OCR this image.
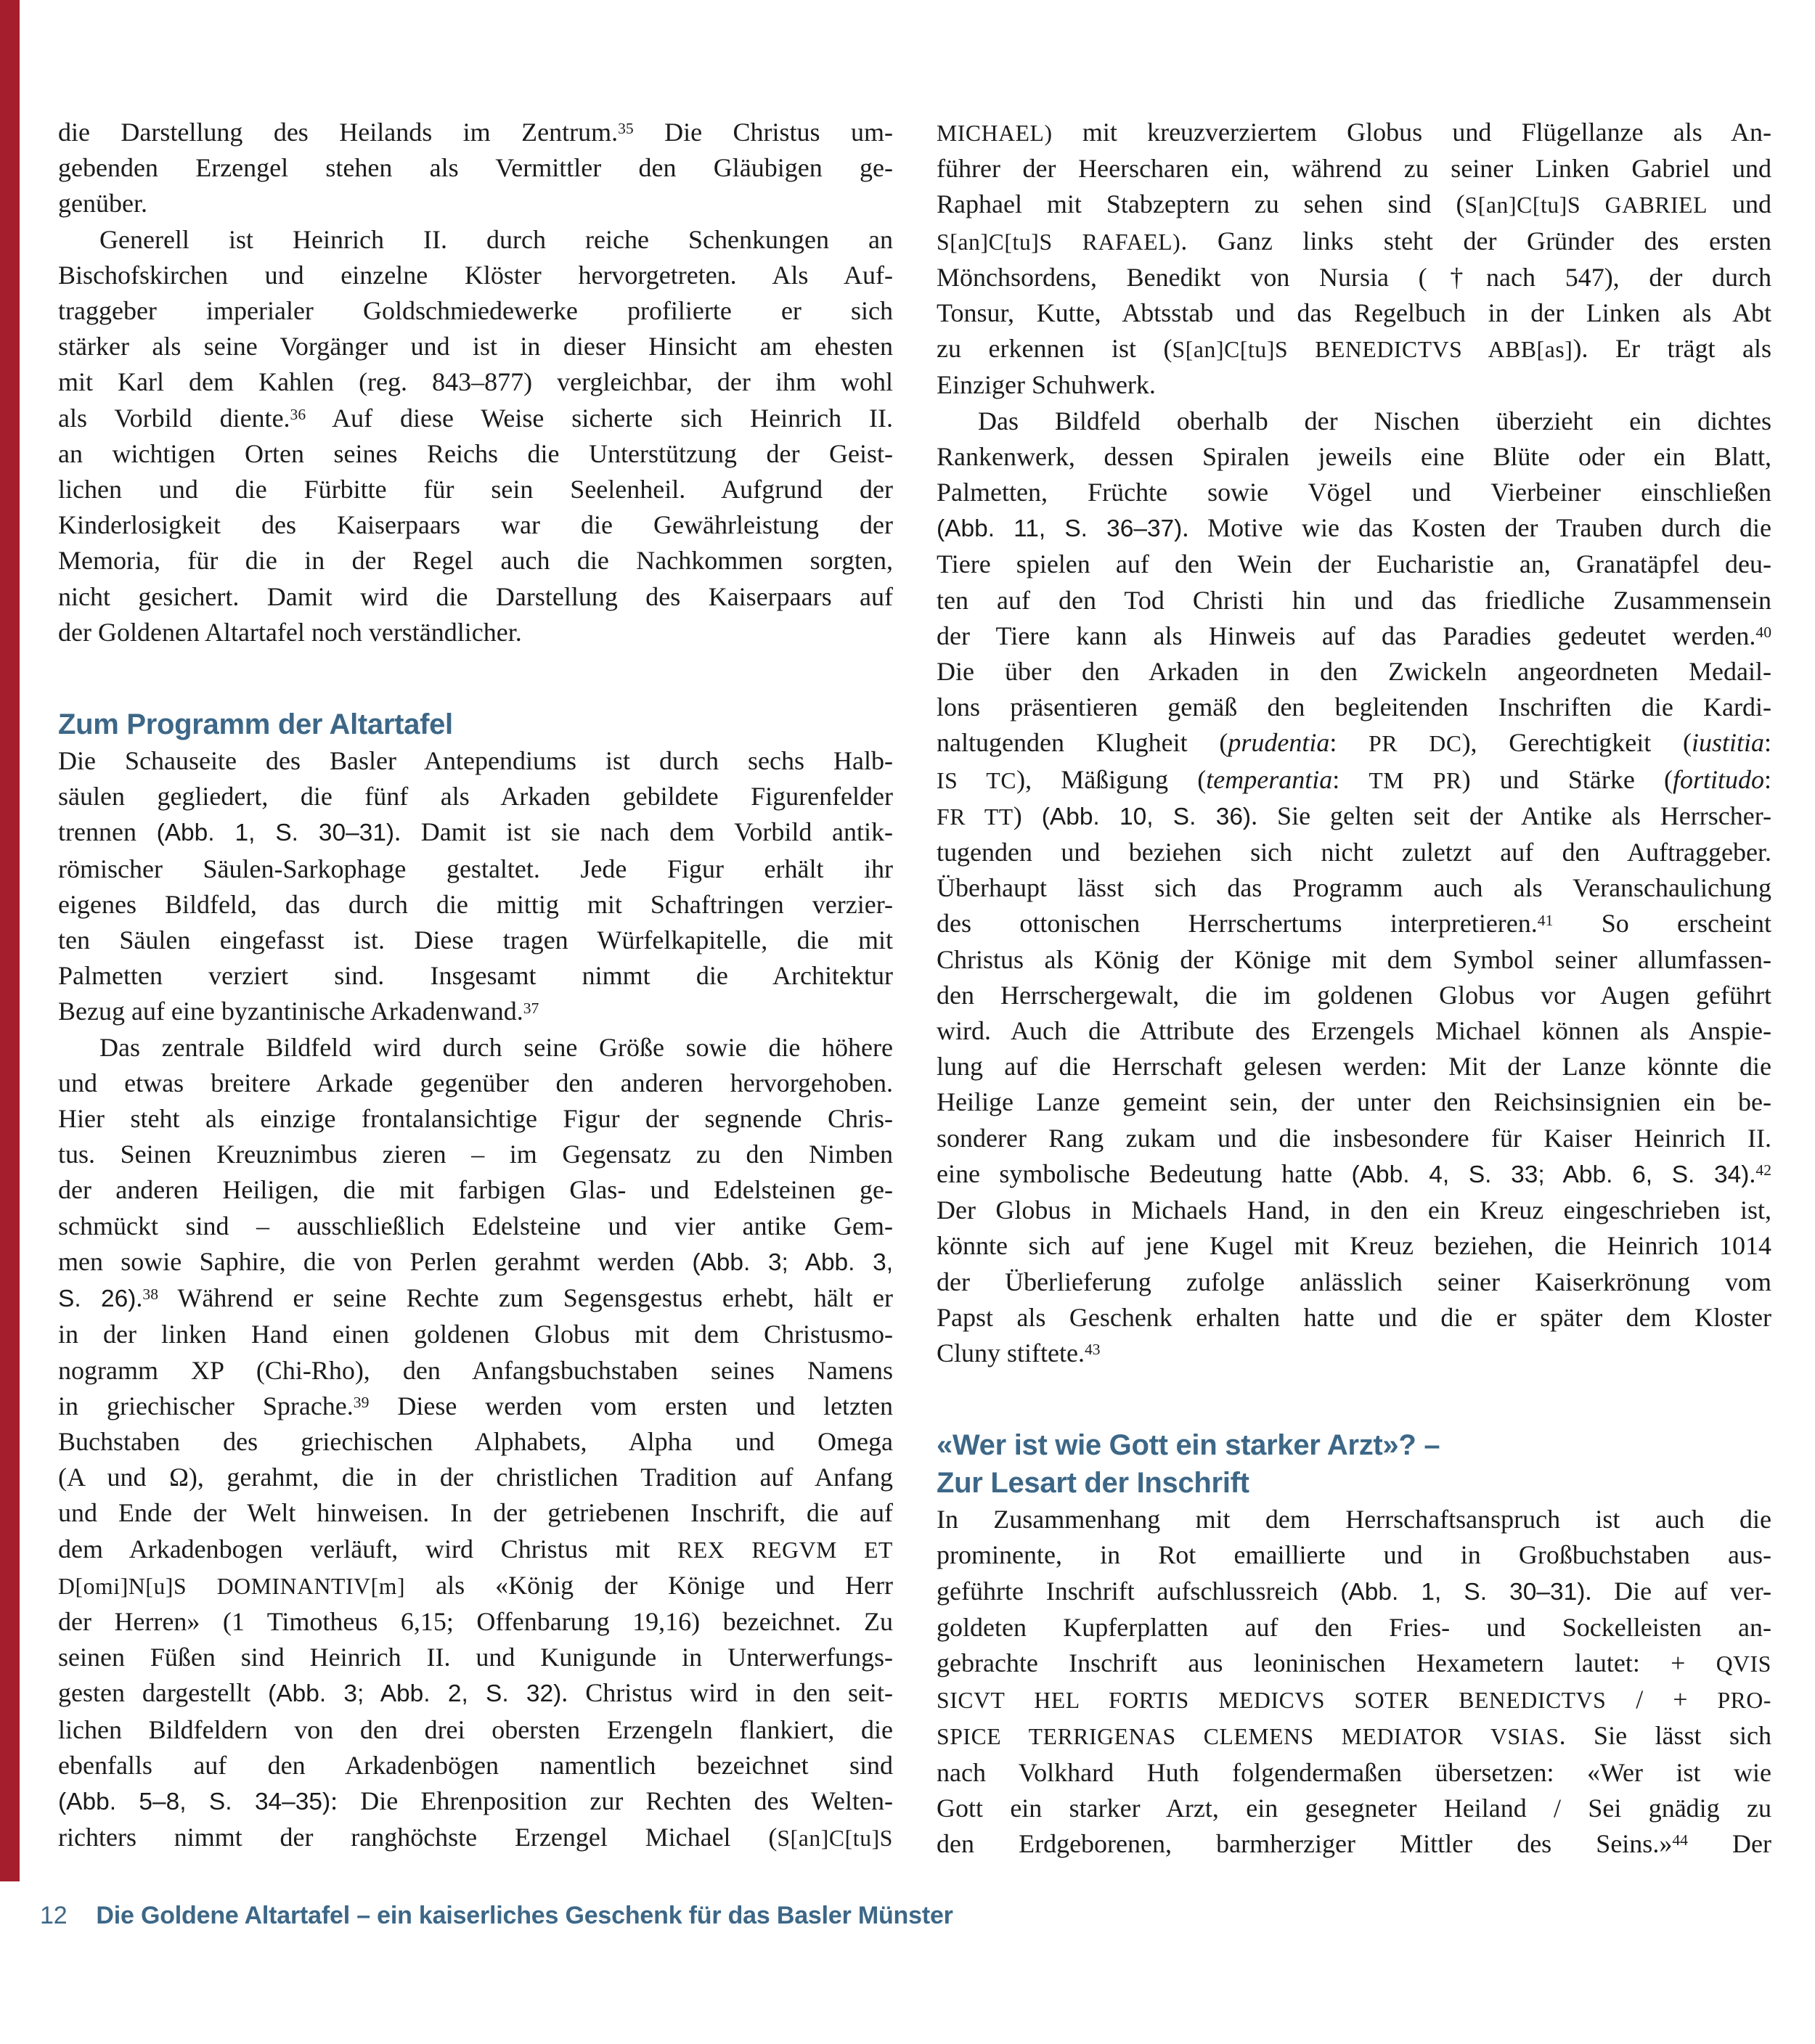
die Darstellung des Heilands im Zentrum.$^{35}$ Die Christus um-
gebenden Erzengel stehen als Vermittler den Gläubigen ge-
genüber.
Generell ist Heinrich II. durch reiche Schenkungen an
Bischofskirchen und einzelne Klöster hervorgetreten. Als Auf-
traggeber imperialer Goldschmiedewerke profilierte er sich
stärker als seine Vorgänger und ist in dieser Hinsicht am ehesten
mit Karl dem Kahlen (reg. 843–877) vergleichbar, der ihm wohl
als Vorbild diente.$^{36}$ Auf diese Weise sicherte sich Heinrich II.
an wichtigen Orten seines Reichs die Unterstützung der Geist-
lichen und die Fürbitte für sein Seelenheil. Aufgrund der
Kinderlosigkeit des Kaiserpaars war die Gewährleistung der
Memoria, für die in der Regel auch die Nachkommen sorgten,
nicht gesichert. Damit wird die Darstellung des Kaiserpaars auf
der Goldenen Altartafel noch verständlicher.
Zum Programm der Altartafel
Die Schauseite des Basler Antependiums ist durch sechs Halb-
säulen gegliedert, die fünf als Arkaden gebildete Figurenfelder
trennen (Abb. 1, S. 30–31). Damit ist sie nach dem Vorbild antik-
römischer Säulen-Sarkophage gestaltet. Jede Figur erhält ihr
eigenes Bildfeld, das durch die mittig mit Schaftringen verzier-
ten Säulen eingefasst ist. Diese tragen Würfelkapitelle, die mit
Palmetten verziert sind. Insgesamt nimmt die Architektur
Bezug auf eine byzantinische Arkadenwand.$^{37}$
Das zentrale Bildfeld wird durch seine Größe sowie die höhere
und etwas breitere Arkade gegenüber den anderen hervorgehoben.
Hier steht als einzige frontalansichtige Figur der segnende Chris-
tus. Seinen Kreuznimbus zieren – im Gegensatz zu den Nimben
der anderen Heiligen, die mit farbigen Glas- und Edelsteinen ge-
schmückt sind – ausschließlich Edelsteine und vier antike Gem-
men sowie Saphire, die von Perlen gerahmt werden (Abb. 3; Abb. 3,
S. 26).$^{38}$ Während er seine Rechte zum Segensgestus erhebt, hält er
in der linken Hand einen goldenen Globus mit dem Christusmo-
nogramm XP (Chi-Rho), den Anfangsbuchstaben seines Namens
in griechischer Sprache.$^{39}$ Diese werden vom ersten und letzten
Buchstaben des griechischen Alphabets, Alpha und Omega
(A und Ω), gerahmt, die in der christlichen Tradition auf Anfang
und Ende der Welt hinweisen. In der getriebenen Inschrift, die auf
dem Arkadenbogen verläuft, wird Christus mit REX REGVM ET
D[omi]N[u]S DOMINANTIV[m] als «König der Könige und Herr
der Herren» (1 Timotheus 6,15; Offenbarung 19,16) bezeichnet. Zu
seinen Füßen sind Heinrich II. und Kunigunde in Unterwerfungs-
gesten dargestellt (Abb. 3; Abb. 2, S. 32). Christus wird in den seit-
lichen Bildfeldern von den drei obersten Erzengeln flankiert, die
ebenfalls auf den Arkadenbögen namentlich bezeichnet sind
(Abb. 5–8, S. 34–35): Die Ehrenposition zur Rechten des Welten-
richters nimmt der ranghöchste Erzengel Michael (S[an]C[tu]S
MICHAEL) mit kreuzverziertem Globus und Flügellanze als An-
führer der Heerscharen ein, während zu seiner Linken Gabriel und
Raphael mit Stabzeptern zu sehen sind (S[an]C[tu]S GABRIEL und
S[an]C[tu]S RAFAEL). Ganz links steht der Gründer des ersten
Mönchsordens, Benedikt von Nursia (†nach 547), der durch
Tonsur, Kutte, Abtsstab und das Regelbuch in der Linken als Abt
zu erkennen ist (S[an]C[tu]S BENEDICTVS ABB[as]). Er trägt als
Einziger Schuhwerk.
Das Bildfeld oberhalb der Nischen überzieht ein dichtes
Rankenwerk, dessen Spiralen jeweils eine Blüte oder ein Blatt,
Palmetten, Früchte sowie Vögel und Vierbeiner einschließen
(Abb. 11, S. 36–37). Motive wie das Kosten der Trauben durch die
Tiere spielen auf den Wein der Eucharistie an, Granatäpfel deu-
ten auf den Tod Christi hin und das friedliche Zusammensein
der Tiere kann als Hinweis auf das Paradies gedeutet werden.$^{40}$
Die über den Arkaden in den Zwickeln angeordneten Medail-
lons präsentieren gemäß den begleitenden Inschriften die Kardi-
naltugenden Klugheit (prudentia: PR DC), Gerechtigkeit (iustitia:
IS TC), Mäßigung (temperantia: TM PR) und Stärke (fortitudo:
FR TT) (Abb. 10, S. 36). Sie gelten seit der Antike als Herrscher-
tugenden und beziehen sich nicht zuletzt auf den Auftraggeber.
Überhaupt lässt sich das Programm auch als Veranschaulichung
des ottonischen Herrschertums interpretieren.$^{41}$ So erscheint
Christus als König der Könige mit dem Symbol seiner allumfassen-
den Herrschergewalt, die im goldenen Globus vor Augen geführt
wird. Auch die Attribute des Erzengels Michael können als Anspie-
lung auf die Herrschaft gelesen werden: Mit der Lanze könnte die
Heilige Lanze gemeint sein, der unter den Reichsinsignien ein be-
sonderer Rang zukam und die insbesondere für Kaiser Heinrich II.
eine symbolische Bedeutung hatte (Abb. 4, S. 33; Abb. 6, S. 34).$^{42}$
Der Globus in Michaels Hand, in den ein Kreuz eingeschrieben ist,
könnte sich auf jene Kugel mit Kreuz beziehen, die Heinrich 1014
der Überlieferung zufolge anlässlich seiner Kaiserkrönung vom
Papst als Geschenk erhalten hatte und die er später dem Kloster
Cluny stiftete.$^{43}$
«Wer ist wie Gott ein starker Arzt»? –
Zur Lesart der Inschrift
In Zusammenhang mit dem Herrschaftsanspruch ist auch die
prominente, in Rot emaillierte und in Großbuchstaben aus-
geführte Inschrift aufschlussreich (Abb. 1, S. 30–31). Die auf ver-
goldeten Kupferplatten auf den Fries- und Sockelleisten an-
gebrachte Inschrift aus leoninischen Hexametern lautet: + QVIS
SICVT HEL FORTIS MEDICVS SOTER BENEDICTVS / + PRO-
SPICE TERRIGENAS CLEMENS MEDIATOR VSIAS. Sie lässt sich
nach Volkhard Huth folgendermaßen übersetzen: «Wer ist wie
Gott ein starker Arzt, ein gesegneter Heiland / Sei gnädig zu
den Erdgeborenen, barmherziger Mittler des Seins.»$^{44}$ Der
12 Die Goldene Altartafel – ein kaiserliches Geschenk für das Basler Münster
